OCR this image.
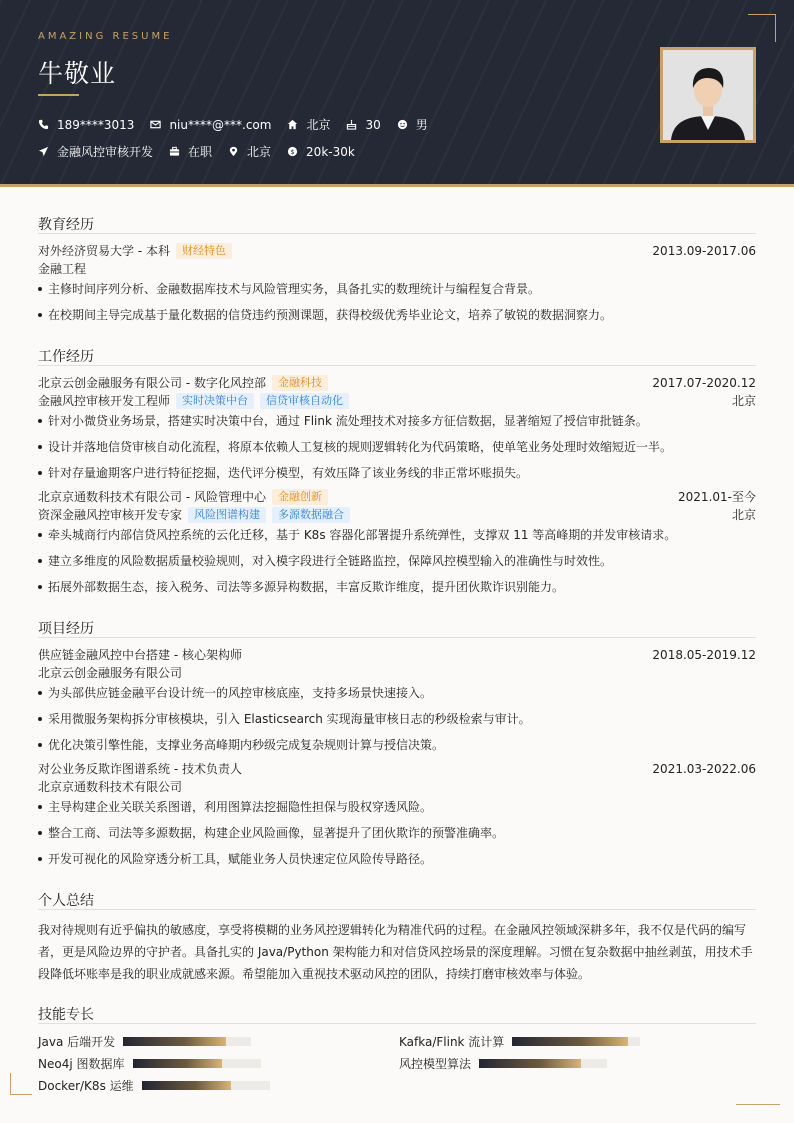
AMAZING RESUME
牛敬业
189****3013	niu****@***.com	北京	30	男
金融风控审核开发	在职	北京	$ 20k-30k
教育经历
对外经济贸易大学 - 本科	财经特色	2013.09-2017.06
金融工程
主修时间序列分析、金融数据库技术与风险管理实务，具备扎实的数理统计与编程复合背景。
在校期间主导完成基于量化数据的信贷违约预测课题，获得校级优秀毕业论文，培养了敏锐的数据洞察力。
工作经历
北京云创金融服务有限公司 - 数字化风控部	金融科技	2017.07-2020.12
金融风控审核开发工程师	实时决策中台	信贷审核自动化	北京
针对小微贷业务场景，搭建实时决策中台，通过 Flink 流处理技术对接多方征信数据，显著缩短了授信审批链条。
设计并落地信贷审核自动化流程，将原本依赖人工复核的规则逻辑转化为代码策略，使单笔业务处理时效缩短近一半。
针对存量逾期客户进行特征挖掘，迭代评分模型，有效压降了该业务线的非正常坏账损失。
北京京通数科技术有限公司 - 风险管理中心	金融创新	2021.01-至今
资深金融风控审核开发专家	风险图谱构建	多源数据融合	北京
牵头城商行内部信贷风控系统的云化迁移，基于 K8s 容器化部署提升系统弹性，支撑双 11 等高峰期的并发审核请求。
建立多维度的风险数据质量校验规则，对入模字段进行全链路监控，保障风控模型输入的准确性与时效性。
拓展外部数据生态，接入税务、司法等多源异构数据，丰富反欺诈维度，提升团伙欺诈识别能力。
项目经历
供应链金融风控中台搭建 - 核心架构师	2018.05-2019.12
北京云创金融服务有限公司
为头部供应链金融平台设计统一的风控审核底座，支持多场景快速接入。
采用微服务架构拆分审核模块，引入 Elasticsearch 实现海量审核日志的秒级检索与审计。
优化决策引擎性能，支撑业务高峰期内秒级完成复杂规则计算与授信决策。
对公业务反欺诈图谱系统 - 技术负责人	2021.03-2022.06
北京京通数科技术有限公司
主导构建企业关联关系图谱，利用图算法挖掘隐性担保与股权穿透风险。
整合工商、司法等多源数据，构建企业风险画像，显著提升了团伙欺诈的预警准确率。
开发可视化的风险穿透分析工具，赋能业务人员快速定位风险传导路径。
个人总结
我对待规则有近乎偏执的敏感度，享受将模糊的业务风控逻辑转化为精准代码的过程。在金融风控领域深耕多年，我不仅是代码的编写者，更是风险边界的守护者。具备扎实的 Java/Python 架构能力和对信贷风控场景的深度理解。习惯在复杂数据中抽丝剥茧，用技术手段降低坏账率是我的职业成就感来源。希望能加入重视技术驱动风控的团队，持续打磨审核效率与体验。
技能专长
Java 后端开发	Kafka/Flink 流计算
Neo4j 图数据库	风控模型算法
Docker/K8s 运维
